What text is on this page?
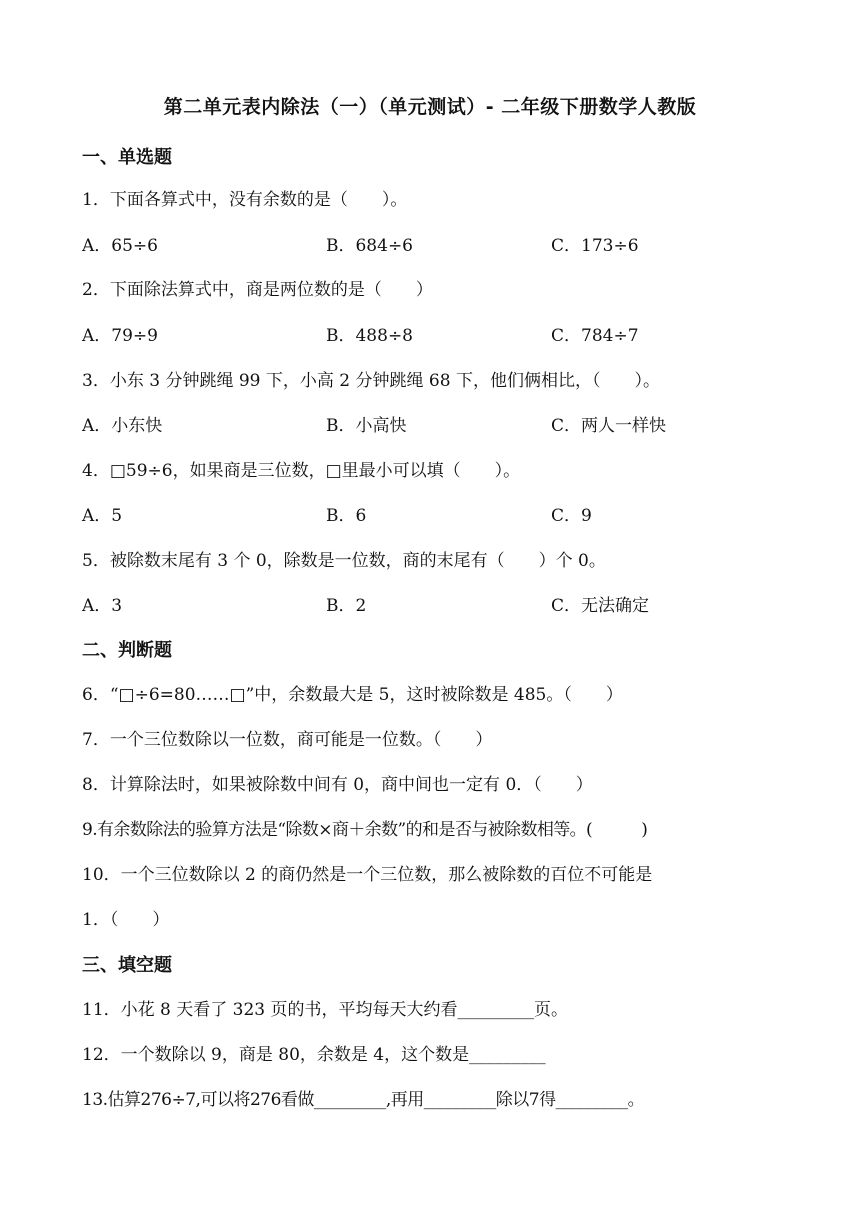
第二单元表内除法（一）（单元测试）- 二年级下册数学人教版
一、单选题
1．下面各算式中，没有余数的是（　　）。
A．65÷6	B．684÷6	C．173÷6
2．下面除法算式中，商是两位数的是（　　）
A．79÷9	B．488÷8	C．784÷7
3．小东 3 分钟跳绳 99 下，小高 2 分钟跳绳 68 下，他们俩相比，（　　）。
A．小东快	B．小高快	C．两人一样快
4．□59÷6，如果商是三位数，□里最小可以填（　　）。
A．5	B．6	C．9
5．被除数末尾有 3 个 0，除数是一位数，商的末尾有（　　）个 0。
A．3	B．2	C．无法确定
二、判断题
6．“□÷6=80……□”中，余数最大是 5，这时被除数是 485。（　　）
7．一个三位数除以一位数，商可能是一位数。（　　）
8．计算除法时，如果被除数中间有 0，商中间也一定有 0．（　　）
9.有余数除法的验算方法是“除数×商＋余数”的和是否与被除数相等。(　　　)
10．一个三位数除以 2 的商仍然是一个三位数，那么被除数的百位不可能是
1．（　　）
三、填空题
11．小花 8 天看了 323 页的书，平均每天大约看_________页。
12．一个数除以 9，商是 80，余数是 4，这个数是_________
13.估算276÷7,可以将276看做_________,再用_________除以7得_________。
